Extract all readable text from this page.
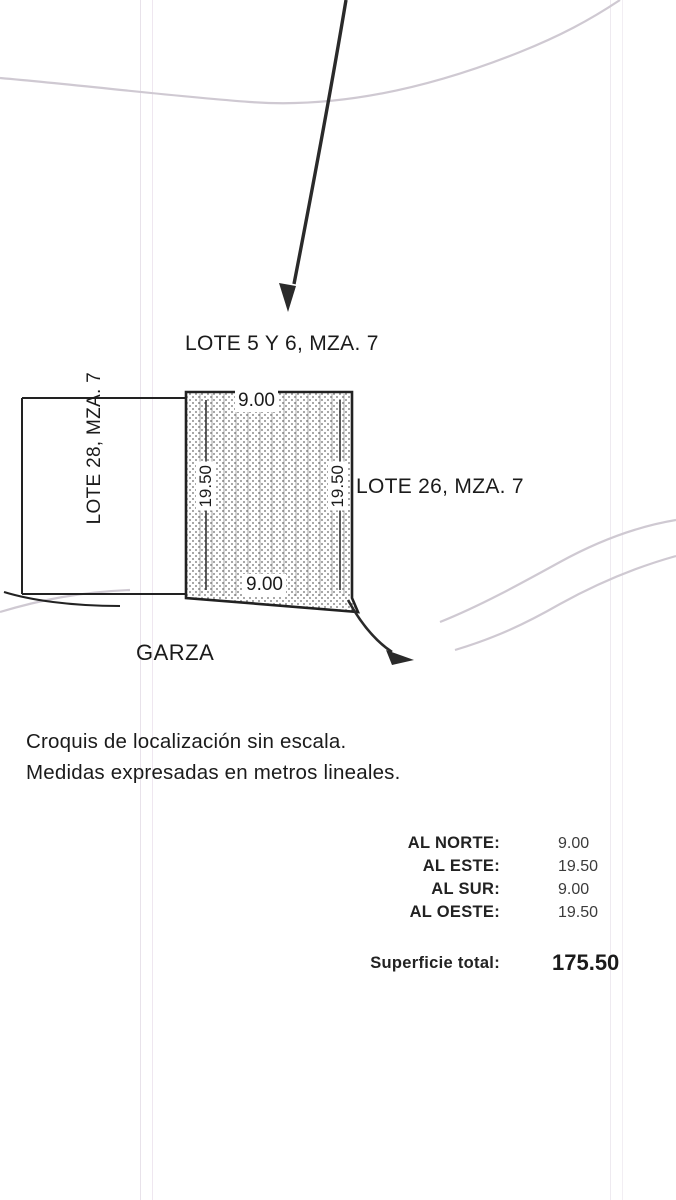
LOTE 5 Y 6, MZA. 7
LOTE 26, MZA. 7
LOTE 28, MZA. 7
GARZA
9.00
9.00
19.50	19.50
Croquis de localización sin escala.
Medidas expresadas en metros lineales.
AL NORTE:	9.00
AL ESTE:	19.50
AL SUR:	9.00
AL OESTE:	19.50
Superficie total:	175.50
